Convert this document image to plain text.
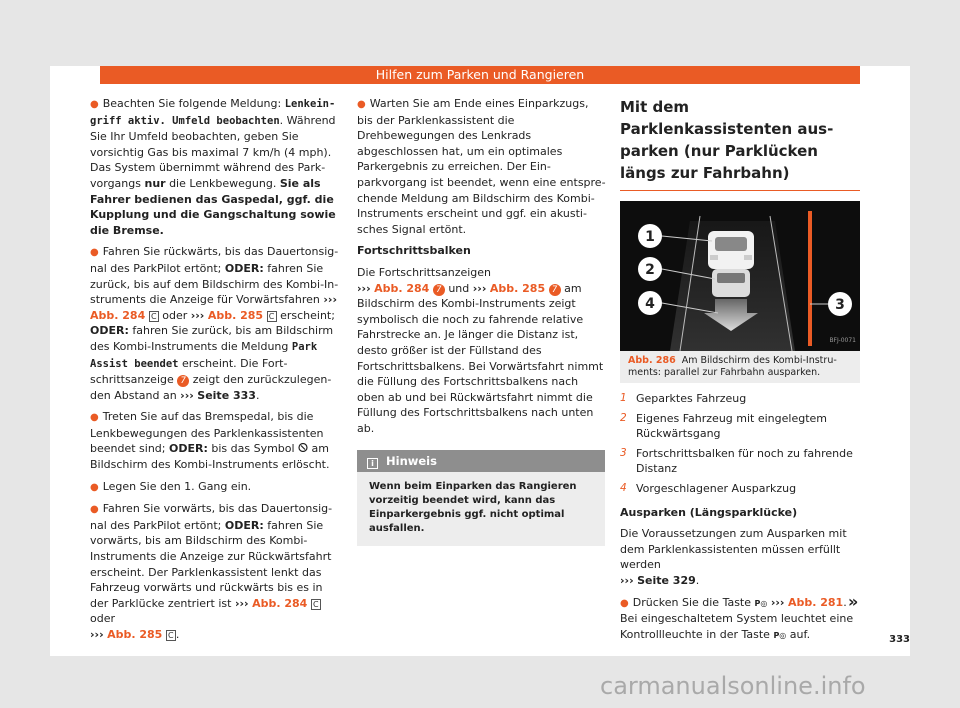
Hilfen zum Parken und Rangieren

● Beachten Sie folgende Meldung: Lenkeingriff aktiv. Umfeld beobachten. Während Sie Ihr Umfeld beobachten, geben Sie vorsichtig Gas bis maximal 7 km/h (4 mph). Das System übernimmt während des Parkvorgangs nur die Lenkbewegung. Sie als Fahrer bedienen das Gaspedal, ggf. die Kupplung und die Gangschaltung sowie die Bremse.

● Fahren Sie rückwärts, bis das Dauertonsignal des ParkPilot ertönt; ODER: fahren Sie zurück, bis auf dem Bildschirm des Kombi-Instruments die Anzeige für Vorwärtsfahren ››› Abb. 284 C oder ››› Abb. 285 C erscheint; ODER: fahren Sie zurück, bis am Bildschirm des Kombi-Instruments die Meldung Park Assist beendet erscheint. Die Fortschrittsanzeige 7 zeigt den zurückzulegenden Abstand an ››› Seite 333.

● Treten Sie auf das Bremspedal, bis die Lenkbewegungen des Parklenkassistenten beendet sind; ODER: bis das Symbol  am Bildschirm des Kombi-Instruments erlöscht.

● Legen Sie den 1. Gang ein.

● Fahren Sie vorwärts, bis das Dauertonsignal des ParkPilot ertönt; ODER: fahren Sie vorwärts, bis am Bildschirm des Kombi-Instruments die Anzeige zur Rückwärtsfahrt erscheint. Der Parklenkassistent lenkt das Fahrzeug vorwärts und rückwärts bis es in der Parklücke zentriert ist ››› Abb. 284 C oder
››› Abb. 285 C .

● Warten Sie am Ende eines Einparkzugs, bis der Parklenkassistent die Drehbewegungen des Lenkrads abgeschlossen hat, um ein optimales Parkergebnis zu erreichen. Der Einparkvorgang ist beendet, wenn eine entsprechende Meldung am Bildschirm des Kombi-Instruments erscheint und ggf. ein akustisches Signal ertönt.

Fortschrittsbalken

Die Fortschrittsanzeigen
››› Abb. 284 7 und ››› Abb. 285 7 am Bildschirm des Kombi-Instruments zeigt symbolisch die noch zu fahrende relative Fahrstrecke an. Je länger die Distanz ist, desto größer ist der Füllstand des Fortschrittsbalkens. Bei Vorwärtsfahrt nimmt die Füllung des Fortschrittsbalkens nach oben ab und bei Rückwärtsfahrt nimmt die Füllung des Fortschrittsbalkens nach unten ab.

i Hinweis
Wenn beim Einparken das Rangieren vorzeitig beendet wird, kann das Einparkergebnis ggf. nicht optimal ausfallen.
Mit dem Parklenkassistenten ausparken (nur Parklücken längs zur Fahrbahn)
1
2
4	3
BFJ-0071
Abb. 286 Am Bildschirm des Kombi-Instruments: parallel zur Fahrbahn ausparken.
1 Geparktes Fahrzeug
2 Eigenes Fahrzeug mit eingelegtem Rückwärtsgang
3 Fortschrittsbalken für noch zu fahrende Distanz
4 Vorgeschlagener Ausparkzug

Ausparken (Längsparklücke)

Die Voraussetzungen zum Ausparken mit dem Parklenkassistenten müssen erfüllt werden
››› Seite 329.

● Drücken Sie die Taste P◎ ››› Abb. 281. Bei eingeschaltetem System leuchtet eine Kontrollleuchte in der Taste P◎ auf.

»
333
carmanualsonline.info
